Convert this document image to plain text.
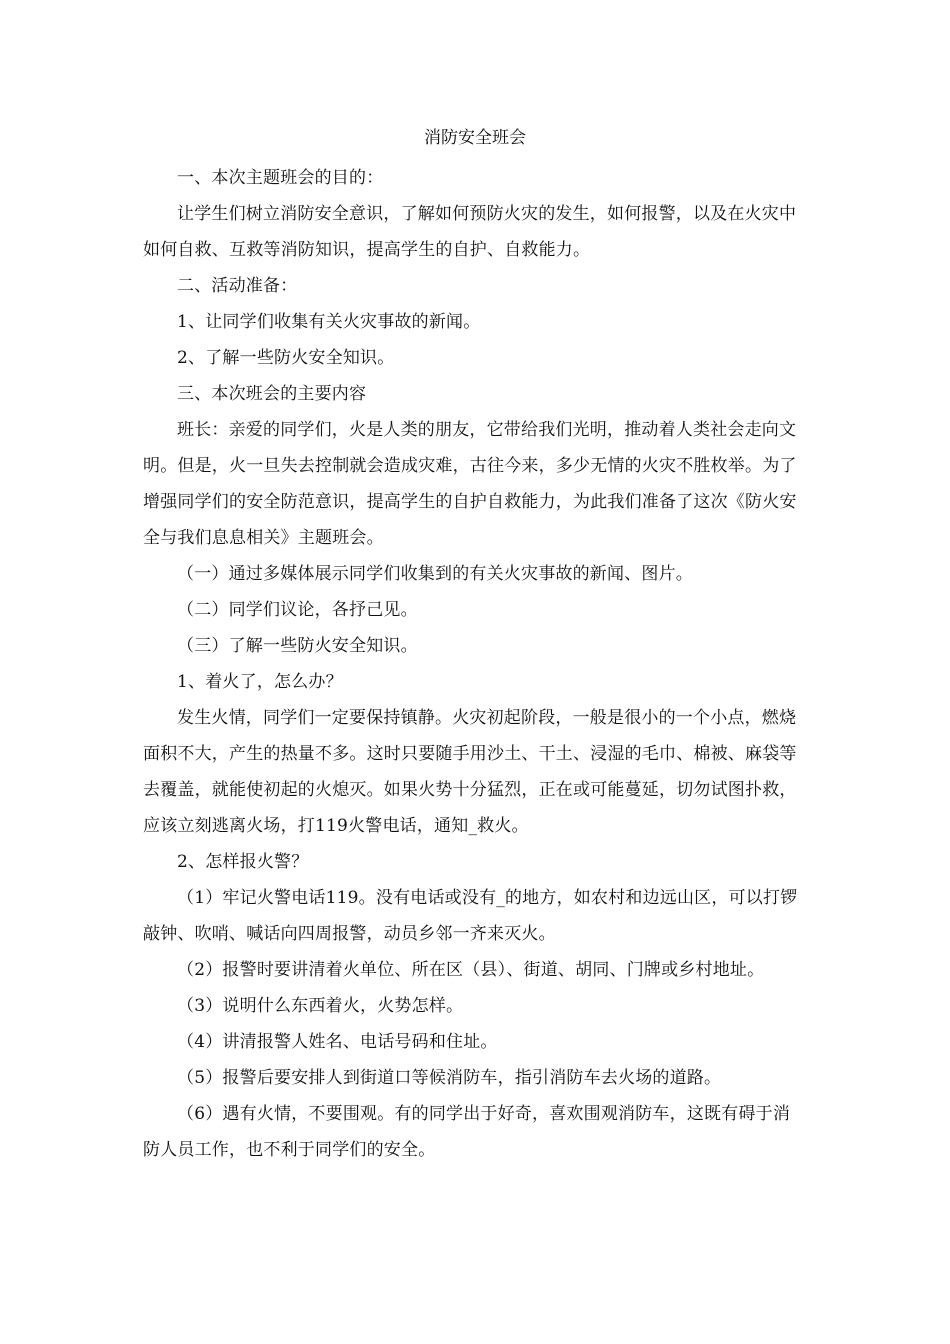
消防安全班会

一、本次主题班会的目的：

让学生们树立消防安全意识，了解如何预防火灾的发生，如何报警，以及在火灾中如何自救、互救等消防知识，提高学生的自护、自救能力。

二、活动准备：

1、让同学们收集有关火灾事故的新闻。

2、了解一些防火安全知识。

三、本次班会的主要内容

班长：亲爱的同学们，火是人类的朋友，它带给我们光明，推动着人类社会走向文明。但是，火一旦失去控制就会造成灾难，古往今来，多少无情的火灾不胜枚举。为了增强同学们的安全防范意识，提高学生的自护自救能力，为此我们准备了这次《防火安全与我们息息相关》主题班会。

（一）通过多媒体展示同学们收集到的有关火灾事故的新闻、图片。

（二）同学们议论，各抒己见。

（三）了解一些防火安全知识。

1、着火了，怎么办？

发生火情，同学们一定要保持镇静。火灾初起阶段，一般是很小的一个小点，燃烧面积不大，产生的热量不多。这时只要随手用沙土、干土、浸湿的毛巾、棉被、麻袋等去覆盖，就能使初起的火熄灭。如果火势十分猛烈，正在或可能蔓延，切勿试图扑救，应该立刻逃离火场，打119火警电话，通知_救火。

2、怎样报火警？

（1）牢记火警电话119。没有电话或没有_的地方，如农村和边远山区，可以打锣敲钟、吹哨、喊话向四周报警，动员乡邻一齐来灭火。

（2）报警时要讲清着火单位、所在区（县）、街道、胡同、门牌或乡村地址。

（3）说明什么东西着火，火势怎样。

（4）讲清报警人姓名、电话号码和住址。

（5）报警后要安排人到街道口等候消防车，指引消防车去火场的道路。

（6）遇有火情，不要围观。有的同学出于好奇，喜欢围观消防车，这既有碍于消防人员工作，也不利于同学们的安全。
